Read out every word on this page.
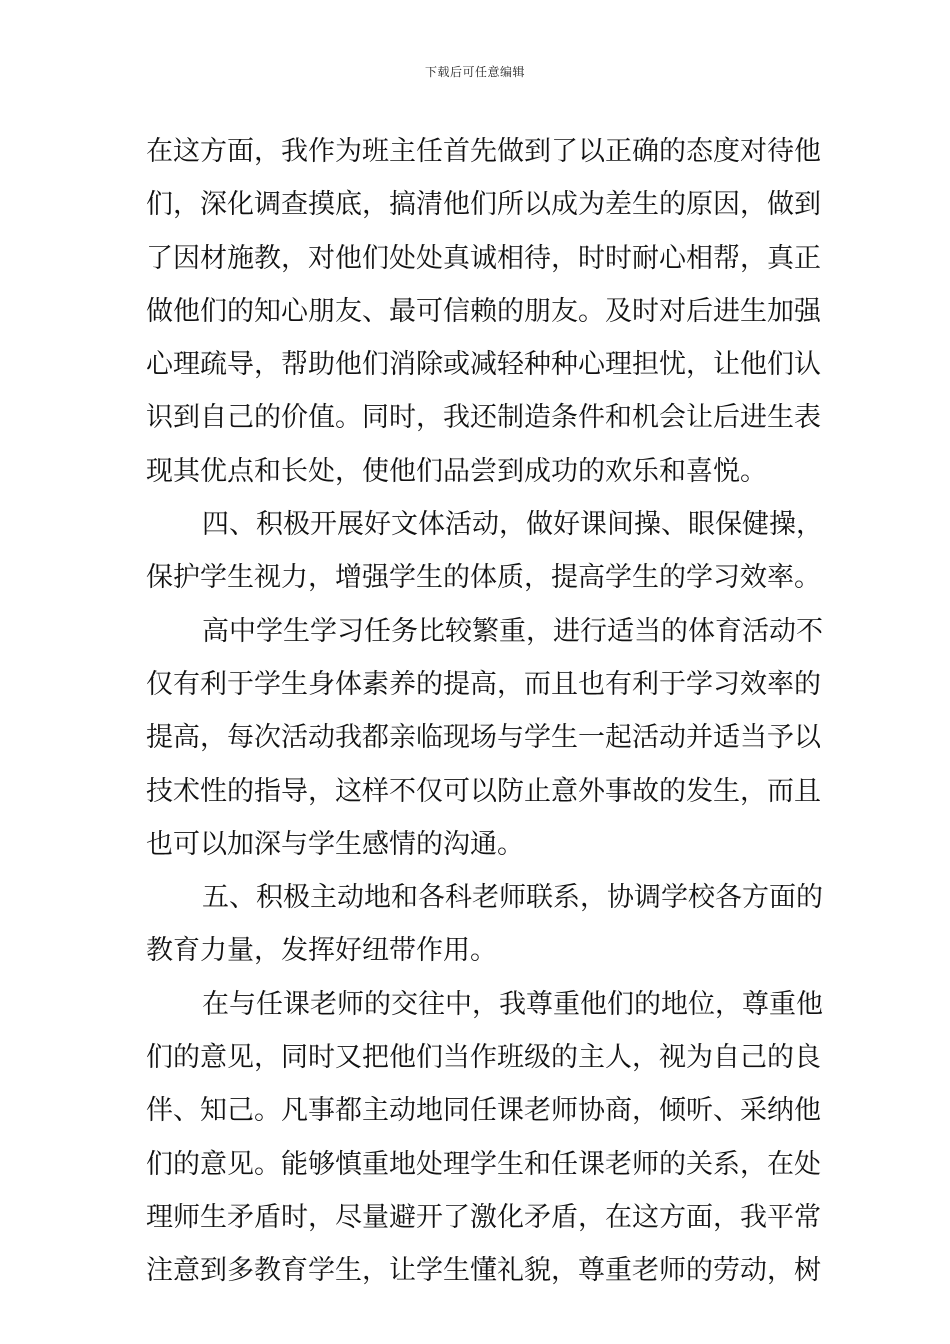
下载后可任意编辑
在这方面，我作为班主任首先做到了以正确的态度对待他
们，深化调查摸底，搞清他们所以成为差生的原因，做到
了因材施教，对他们处处真诚相待，时时耐心相帮，真正
做他们的知心朋友、最可信赖的朋友。及时对后进生加强
心理疏导，帮助他们消除或减轻种种心理担忧，让他们认
识到自己的价值。同时，我还制造条件和机会让后进生表
现其优点和长处，使他们品尝到成功的欢乐和喜悦。
四、积极开展好文体活动，做好课间操、眼保健操，
保护学生视力，增强学生的体质，提高学生的学习效率。
高中学生学习任务比较繁重，进行适当的体育活动不
仅有利于学生身体素养的提高，而且也有利于学习效率的
提高，每次活动我都亲临现场与学生一起活动并适当予以
技术性的指导，这样不仅可以防止意外事故的发生，而且
也可以加深与学生感情的沟通。
五、积极主动地和各科老师联系，协调学校各方面的
教育力量，发挥好纽带作用。
在与任课老师的交往中，我尊重他们的地位，尊重他
们的意见，同时又把他们当作班级的主人，视为自己的良
伴、知己。凡事都主动地同任课老师协商，倾听、采纳他
们的意见。能够慎重地处理学生和任课老师的关系，在处
理师生矛盾时，尽量避开了激化矛盾，在这方面，我平常
注意到多教育学生，让学生懂礼貌，尊重老师的劳动，树
